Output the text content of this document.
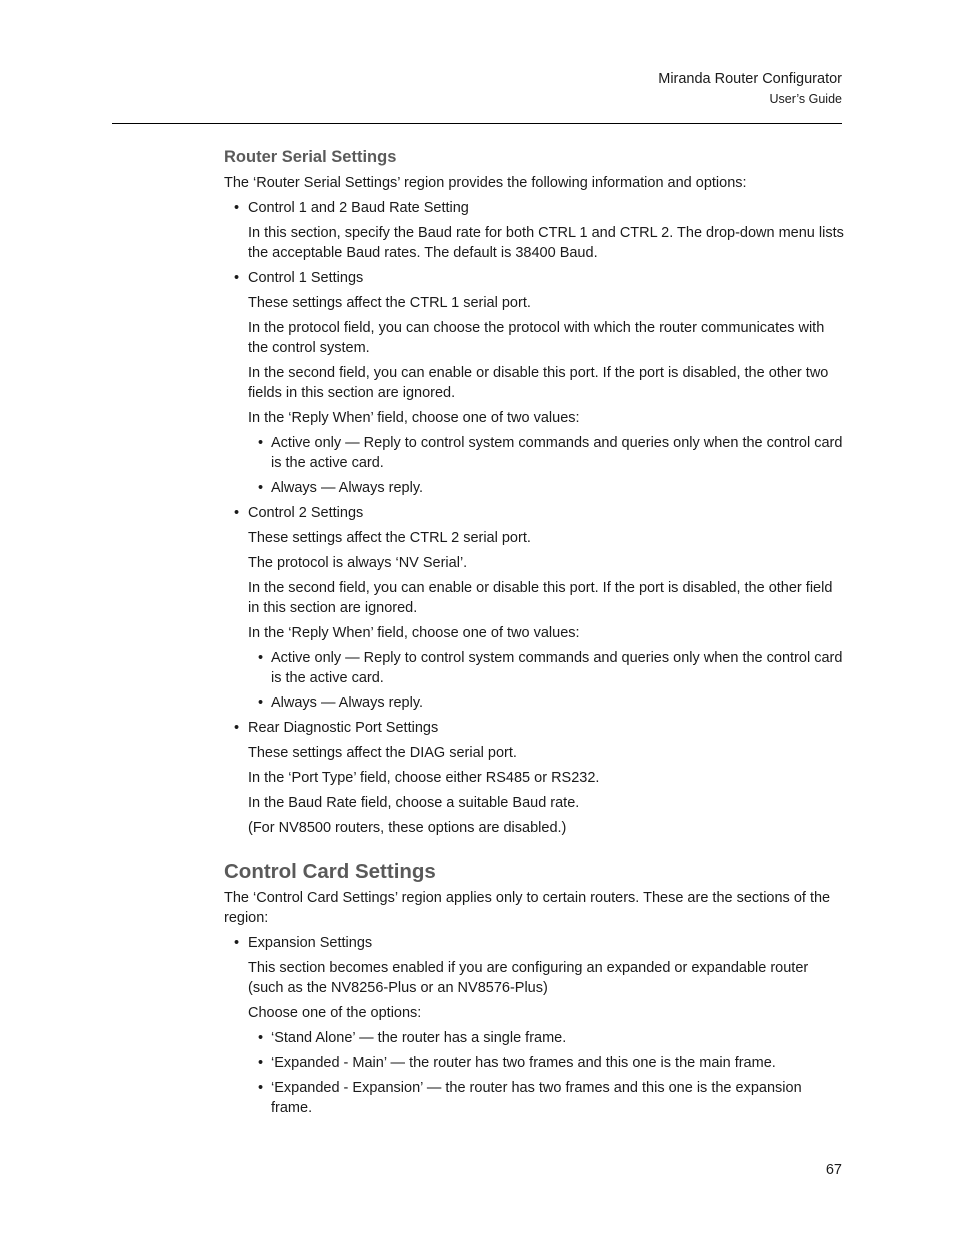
Miranda Router Configurator
User’s Guide
Router Serial Settings

The ‘Router Serial Settings’ region provides the following information and options:

• Control 1 and 2 Baud Rate Setting

In this section, specify the Baud rate for both CTRL 1 and CTRL 2. The drop-down menu lists the acceptable Baud rates. The default is 38400 Baud.

• Control 1 Settings

These settings affect the CTRL 1 serial port.

In the protocol field, you can choose the protocol with which the router communicates with the control system.

In the second field, you can enable or disable this port. If the port is disabled, the other two fields in this section are ignored.

In the ‘Reply When’ field, choose one of two values:

• Active only — Reply to control system commands and queries only when the control card is the active card.
• Always — Always reply.
• Control 2 Settings

These settings affect the CTRL 2 serial port.

The protocol is always ‘NV Serial’.

In the second field, you can enable or disable this port. If the port is disabled, the other field in this section are ignored.

In the ‘Reply When’ field, choose one of two values:

• Active only — Reply to control system commands and queries only when the control card is the active card.
• Always — Always reply.
• Rear Diagnostic Port Settings

These settings affect the DIAG serial port.

In the ‘Port Type’ field, choose either RS485 or RS232.

In the Baud Rate field, choose a suitable Baud rate.

(For NV8500 routers, these options are disabled.)

Control Card Settings

The ‘Control Card Settings’ region applies only to certain routers. These are the sections of the region:

• Expansion Settings

This section becomes enabled if you are configuring an expanded or expandable router (such as the NV8256-Plus or an NV8576-Plus)

Choose one of the options:

• ‘Stand Alone’ — the router has a single frame.
• ‘Expanded - Main’ — the router has two frames and this one is the main frame.
• ‘Expanded - Expansion’ — the router has two frames and this one is the expansion frame.
67
